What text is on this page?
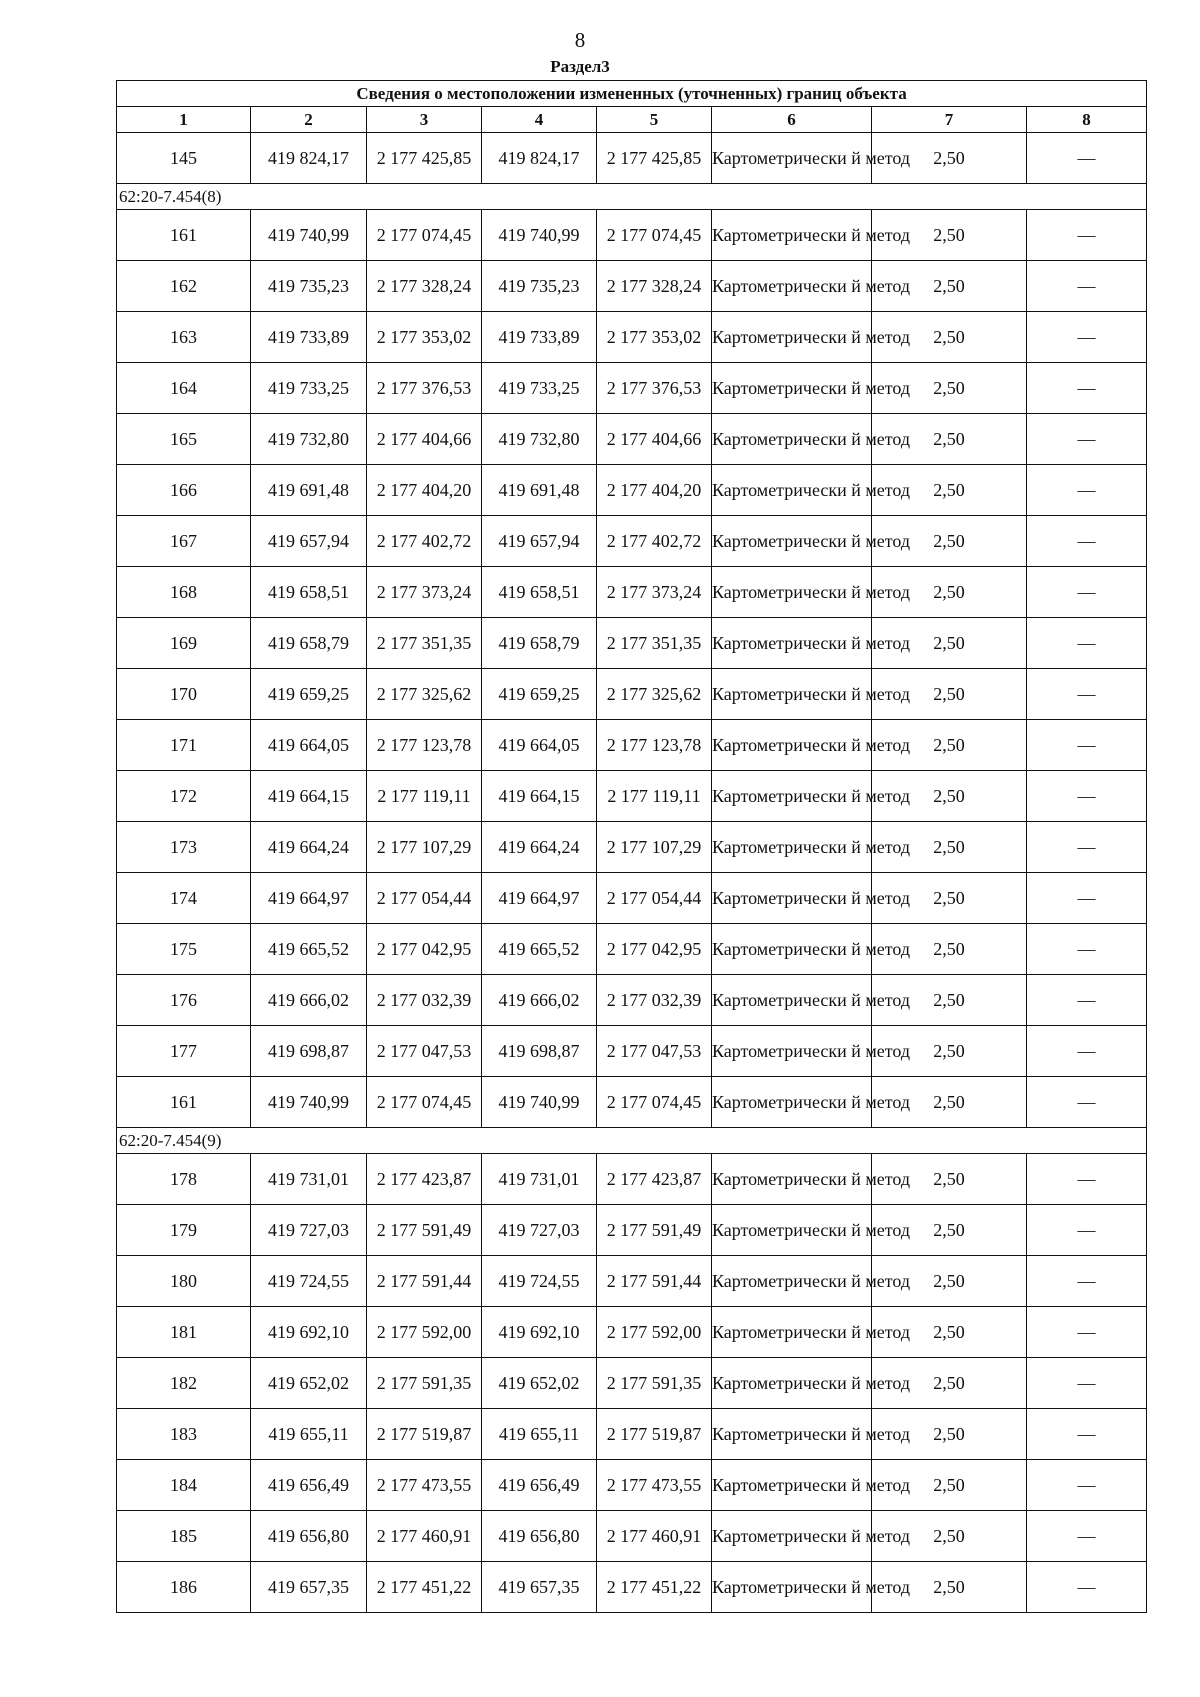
8
Раздел3
Сведения о местоположении измененных (уточненных) границ объекта							
1	2	3	4	5	6	7	8
145	419 824,17	2 177 425,85	419 824,17	2 177 425,85	Картометрически й метод	2,50	—
62:20-7.454(8)							
161	419 740,99	2 177 074,45	419 740,99	2 177 074,45	Картометрически й метод	2,50	—
162	419 735,23	2 177 328,24	419 735,23	2 177 328,24	Картометрически й метод	2,50	—
163	419 733,89	2 177 353,02	419 733,89	2 177 353,02	Картометрически й метод	2,50	—
164	419 733,25	2 177 376,53	419 733,25	2 177 376,53	Картометрически й метод	2,50	—
165	419 732,80	2 177 404,66	419 732,80	2 177 404,66	Картометрически й метод	2,50	—
166	419 691,48	2 177 404,20	419 691,48	2 177 404,20	Картометрически й метод	2,50	—
167	419 657,94	2 177 402,72	419 657,94	2 177 402,72	Картометрически й метод	2,50	—
168	419 658,51	2 177 373,24	419 658,51	2 177 373,24	Картометрически й метод	2,50	—
169	419 658,79	2 177 351,35	419 658,79	2 177 351,35	Картометрически й метод	2,50	—
170	419 659,25	2 177 325,62	419 659,25	2 177 325,62	Картометрически й метод	2,50	—
171	419 664,05	2 177 123,78	419 664,05	2 177 123,78	Картометрически й метод	2,50	—
172	419 664,15	2 177 119,11	419 664,15	2 177 119,11	Картометрически й метод	2,50	—
173	419 664,24	2 177 107,29	419 664,24	2 177 107,29	Картометрически й метод	2,50	—
174	419 664,97	2 177 054,44	419 664,97	2 177 054,44	Картометрически й метод	2,50	—
175	419 665,52	2 177 042,95	419 665,52	2 177 042,95	Картометрически й метод	2,50	—
176	419 666,02	2 177 032,39	419 666,02	2 177 032,39	Картометрически й метод	2,50	—
177	419 698,87	2 177 047,53	419 698,87	2 177 047,53	Картометрически й метод	2,50	—
161	419 740,99	2 177 074,45	419 740,99	2 177 074,45	Картометрически й метод	2,50	—
62:20-7.454(9)							
178	419 731,01	2 177 423,87	419 731,01	2 177 423,87	Картометрически й метод	2,50	—
179	419 727,03	2 177 591,49	419 727,03	2 177 591,49	Картометрически й метод	2,50	—
180	419 724,55	2 177 591,44	419 724,55	2 177 591,44	Картометрически й метод	2,50	—
181	419 692,10	2 177 592,00	419 692,10	2 177 592,00	Картометрически й метод	2,50	—
182	419 652,02	2 177 591,35	419 652,02	2 177 591,35	Картометрически й метод	2,50	—
183	419 655,11	2 177 519,87	419 655,11	2 177 519,87	Картометрически й метод	2,50	—
184	419 656,49	2 177 473,55	419 656,49	2 177 473,55	Картометрически й метод	2,50	—
185	419 656,80	2 177 460,91	419 656,80	2 177 460,91	Картометрически й метод	2,50	—
186	419 657,35	2 177 451,22	419 657,35	2 177 451,22	Картометрически й метод	2,50	—
